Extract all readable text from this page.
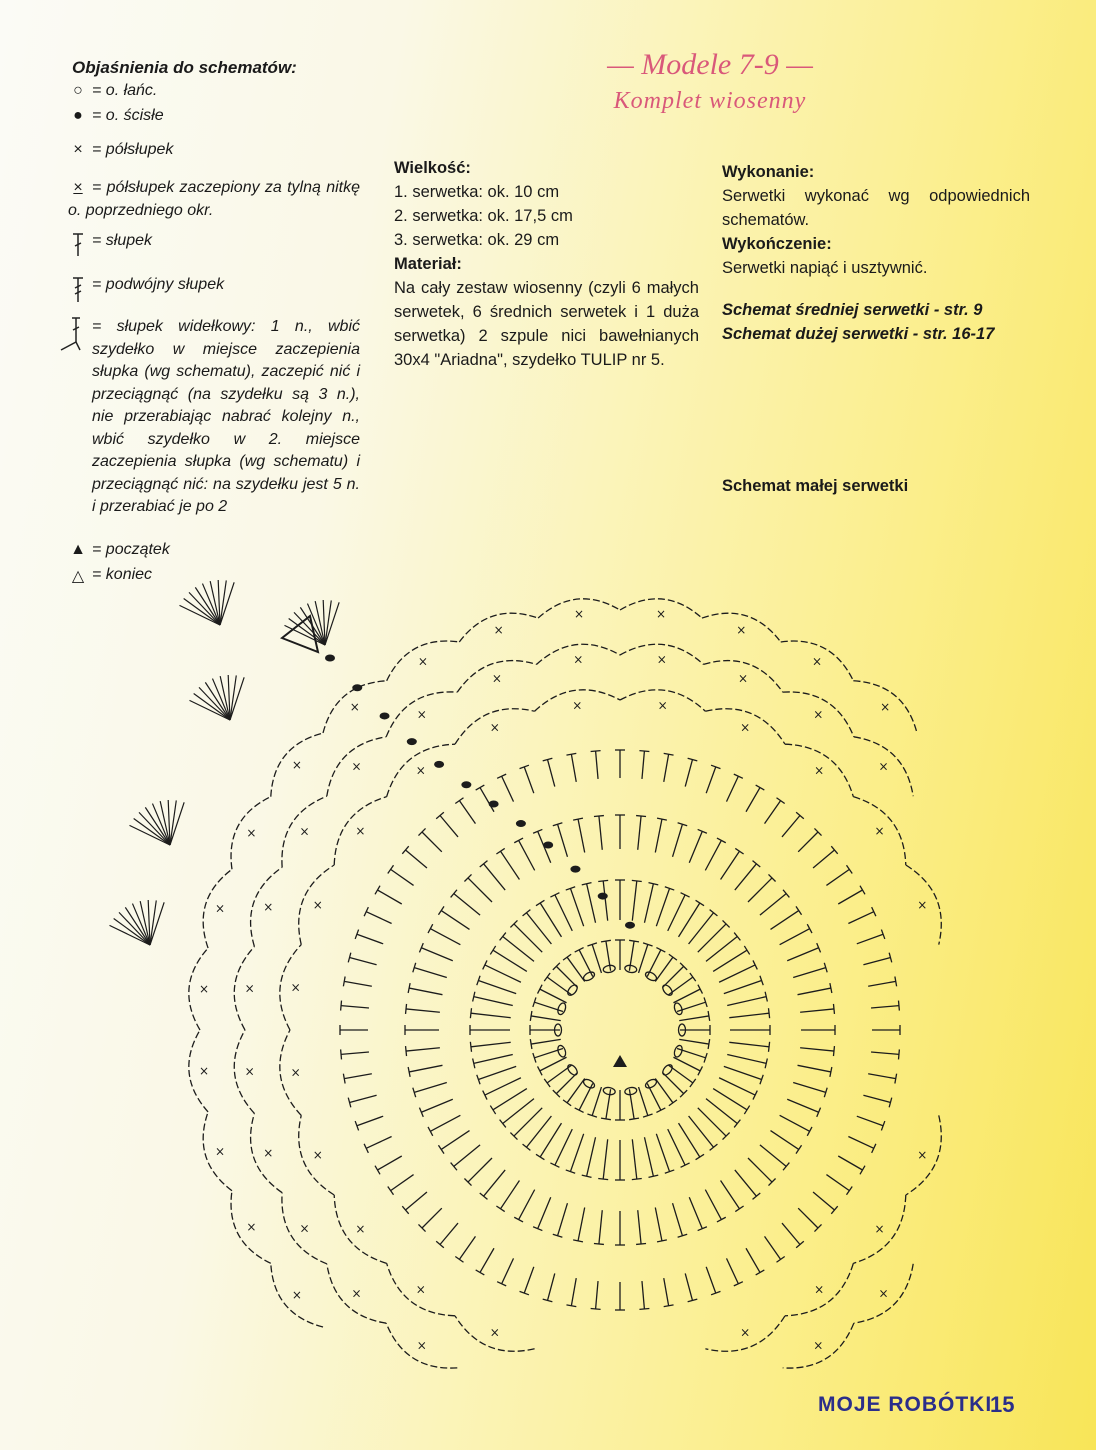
Objaśnienia do schematów:
○ = o. łańc.
● = o. ścisłe
× = półsłupek
× = półsłupek zaczepiony za tylną nitkę o. poprzedniego okr.
= słupek
= podwójny słupek
= słupek widełkowy: 1 n., wbić szydełko w miejsce zaczepienia słupka (wg schematu), zaczepić nić i przeciągnąć (na szydełku są 3 n.), nie przerabiając nabrać kolejny n., wbić szydełko w 2. miejsce zaczepienia słupka (wg schematu) i przeciągnąć nić: na szydełku jest 5 n. i przerabiać je po 2
▲ = początek
△ = koniec
— Modele 7-9 —
Komplet wiosenny
Wielkość:
1. serwetka: ok. 10 cm
2. serwetka: ok. 17,5 cm
3. serwetka: ok. 29 cm
Materiał:
Na cały zestaw wiosenny (czyli 6 małych serwetek, 6 średnich serwetek i 1 duża serwetka) 2 szpule nici bawełnianych 30x4 "Ariadna", szydełko TULIP nr 5.
Wykonanie:
Serwetki wykonać wg odpowiednich schematów.
Wykończenie:
Serwetki napiąć i usztywnić.
Schemat średniej serwetki - str. 9
Schemat dużej serwetki - str. 16-17
Schemat małej serwetki
×
×
×
×
×
×
×
×
×
×
×
×
×
×
×	×
×
×
×
×
×
×
×
×
×
×
×
×
×
×
×
×
×
×	×
×
×
×
×
×
×
×
×
×
×
×
×
×
×
×	×
×
×
×
MOJE ROBÓTKI
15
